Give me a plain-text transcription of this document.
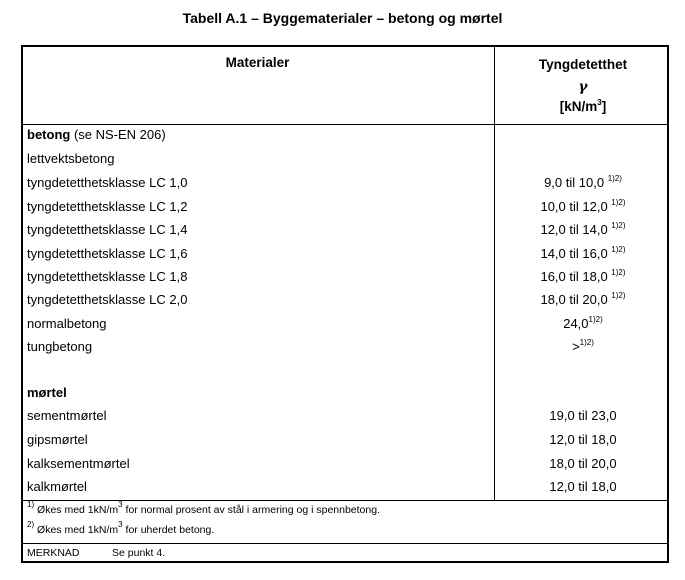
Tabell A.1 – Byggematerialer – betong og mørtel
Materialer	Tyngdetetthet
γ
$[kN/m^3]$
betong (se NS-EN 206)
lettvektsbetong
tyngdetetthetsklasse LC 1,0	9,0 til 10,0 $^{1)2)}$
tyngdetetthetsklasse LC 1,2	10,0 til 12,0 $^{1)2)}$
tyngdetetthetsklasse LC 1,4	12,0 til 14,0 $^{1)2)}$
tyngdetetthetsklasse LC 1,6	14,0 til 16,0 $^{1)2)}$
tyngdetetthetsklasse LC 1,8	16,0 til 18,0 $^{1)2)}$
tyngdetetthetsklasse LC 2,0	18,0 til 20,0 $^{1)2)}$
normalbetong	$24,0^{1)2)}$
tungbetong	>$^{1)2)}$
mørtel
sementmørtel	19,0 til 23,0
gipsmørtel	12,0 til 18,0
kalksementmørtel	18,0 til 20,0
kalkmørtel	12,0 til 18,0
$^{1)}$ Økes med $1kN/m^3$ for normal prosent av stål i armering og i spennbetong.
$^{2)}$ Økes med $1kN/m^3$ for uherdet betong.
MERKNAD	Se punkt 4.
